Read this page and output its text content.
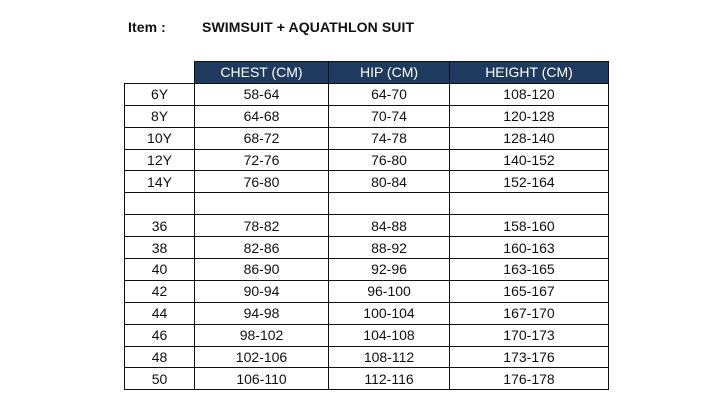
Item :	SWIMSUIT + AQUATHLON SUIT
	CHEST (CM)	HIP (CM)	HEIGHT (CM)
6Y	58-64	64-70	108-120
8Y	64-68	70-74	120-128
10Y	68-72	74-78	128-140
12Y	72-76	76-80	140-152
14Y	76-80	80-84	152-164

36	78-82	84-88	158-160
38	82-86	88-92	160-163
40	86-90	92-96	163-165
42	90-94	96-100	165-167
44	94-98	100-104	167-170
46	98-102	104-108	170-173
48	102-106	108-112	173-176
50	106-110	112-116	176-178
